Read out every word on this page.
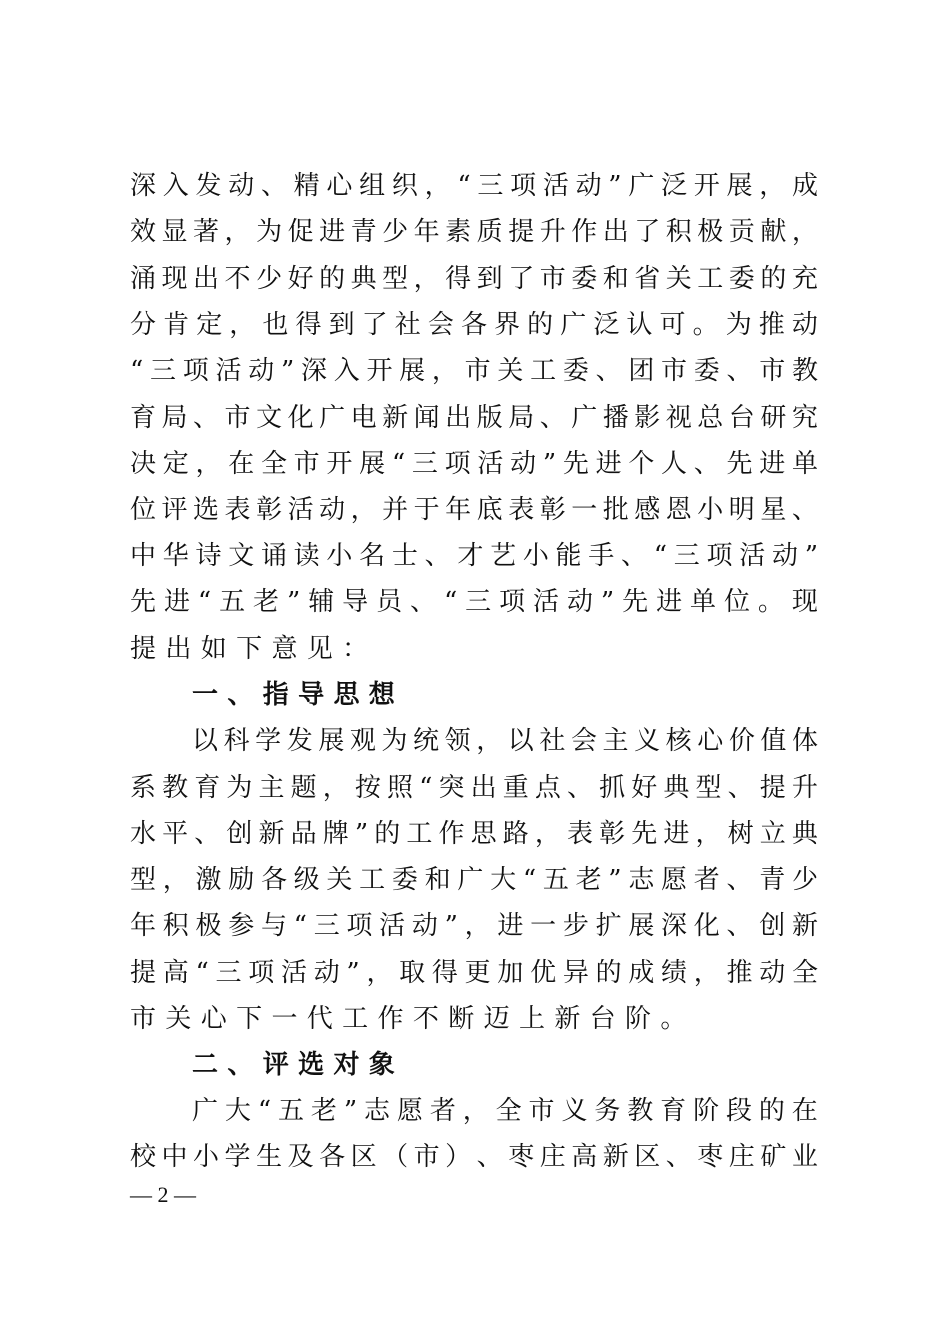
深 入 发 动 、 精 心 组 织 ， “ 三 项 活 动 ” 广 泛 开 展 ， 成
效 显 著 ， 为 促 进 青 少 年 素 质 提 升 作 出 了 积 极 贡 献 ，
涌 现 出 不 少 好 的 典 型 ， 得 到 了 市 委 和 省 关 工 委 的 充
分 肯 定 ， 也 得 到 了 社 会 各 界 的 广 泛 认 可 。 为 推 动
“ 三 项 活 动 ” 深 入 开 展 ， 市 关 工 委 、 团 市 委 、 市 教
育 局 、 市 文 化 广 电 新 闻 出 版 局 、 广 播 影 视 总 台 研 究
决 定 ， 在 全 市 开 展 “ 三 项 活 动 ” 先 进 个 人 、 先 进 单
位 评 选 表 彰 活 动 ， 并 于 年 底 表 彰 一 批 感 恩 小 明 星 、
中 华 诗 文 诵 读 小 名 士 、 才 艺 小 能 手 、 “ 三 项 活 动 ”
先 进 “ 五 老 ” 辅 导 员 、 “ 三 项 活 动 ” 先 进 单 位 。 现
提出如下意见：
一、指导思想
以 科 学 发 展 观 为 统 领 ， 以 社 会 主 义 核 心 价 值 体
系 教 育 为 主 题 ， 按 照 “ 突 出 重 点 、 抓 好 典 型 、 提 升
水 平 、 创 新 品 牌 ” 的 工 作 思 路 ， 表 彰 先 进 ， 树 立 典
型 ， 激 励 各 级 关 工 委 和 广 大 “ 五 老 ” 志 愿 者 、 青 少
年 积 极 参 与 “ 三 项 活 动 ” ， 进 一 步 扩 展 深 化 、 创 新
提 高 “ 三 项 活 动 ” ， 取 得 更 加 优 异 的 成 绩 ， 推 动 全
市关心下一代工作不断迈上新台阶。
二、评选对象
广 大 “ 五 老 ” 志 愿 者 ， 全 市 义 务 教 育 阶 段 的 在
校 中 小 学 生 及 各 区 （ 市 ） 、 枣 庄 高 新 区 、 枣 庄 矿 业
— 2 —
